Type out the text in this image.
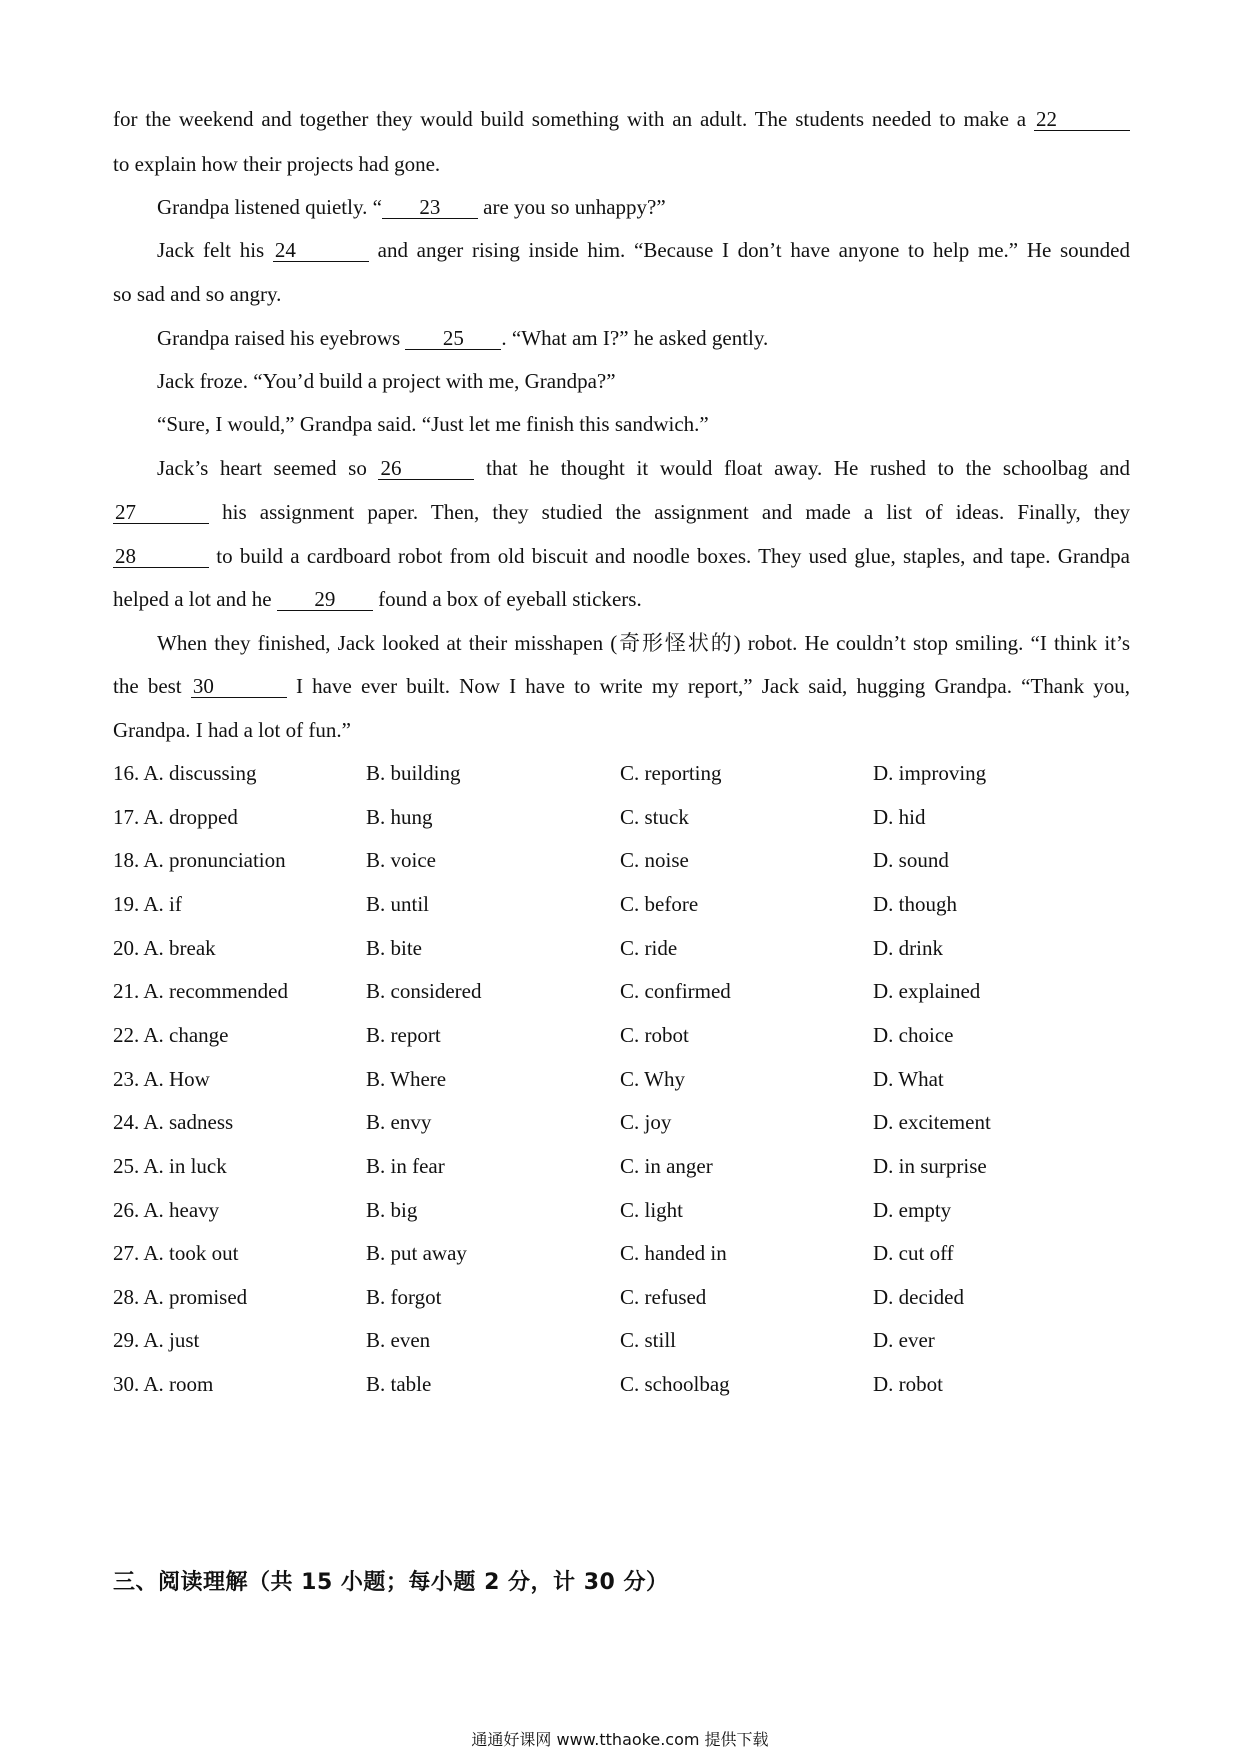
for the weekend and together they would build something with an adult. The students needed to make a 22
to explain how their projects had gone.
Grandpa listened quietly. “ 23 are you so unhappy?”
Jack felt his 24	and anger rising inside him. “Because I don’t have anyone to help me.” He sounded
so sad and so angry.
Grandpa raised his eyebrows 25 . “What am I?” he asked gently.
Jack froze. “You’d build a project with me, Grandpa?”
“Sure, I would,” Grandpa said. “Just let me finish this sandwich.”
Jack’s heart seemed so 26	that he thought it would float away. He rushed to the schoolbag and
27	his assignment paper. Then, they studied the assignment and made a list of ideas. Finally, they
28	to build a cardboard robot from old biscuit and noodle boxes. They used glue, staples, and tape. Grandpa
helped a lot and he 29 found a box of eyeball stickers.
When they finished, Jack looked at their misshapen (奇形怪状的) robot. He couldn’t stop smiling. “I think it’s
the best 30	I have ever built. Now I have to write my report,” Jack said, hugging Grandpa. “Thank you,
Grandpa. I had a lot of fun.”
16. A. discussing	B. building	C. reporting	D. improving
17. A. dropped	B. hung	C. stuck	D. hid
18. A. pronunciation	B. voice	C. noise	D. sound
19. A. if	B. until	C. before	D. though
20. A. break	B. bite	C. ride	D. drink
21. A. recommended	B. considered	C. confirmed	D. explained
22. A. change	B. report	C. robot	D. choice
23. A. How	B. Where	C. Why	D. What
24. A. sadness	B. envy	C. joy	D. excitement
25. A. in luck	B. in fear	C. in anger	D. in surprise
26. A. heavy	B. big	C. light	D. empty
27. A. took out	B. put away	C. handed in	D. cut off
28. A. promised	B. forgot	C. refused	D. decided
29. A. just	B. even	C. still	D. ever
30. A. room	B. table	C. schoolbag	D. robot
三、阅读理解（共 15 小题；每小题 2 分，计 30 分）
通通好课网 www.tthaoke.com 提供下载
